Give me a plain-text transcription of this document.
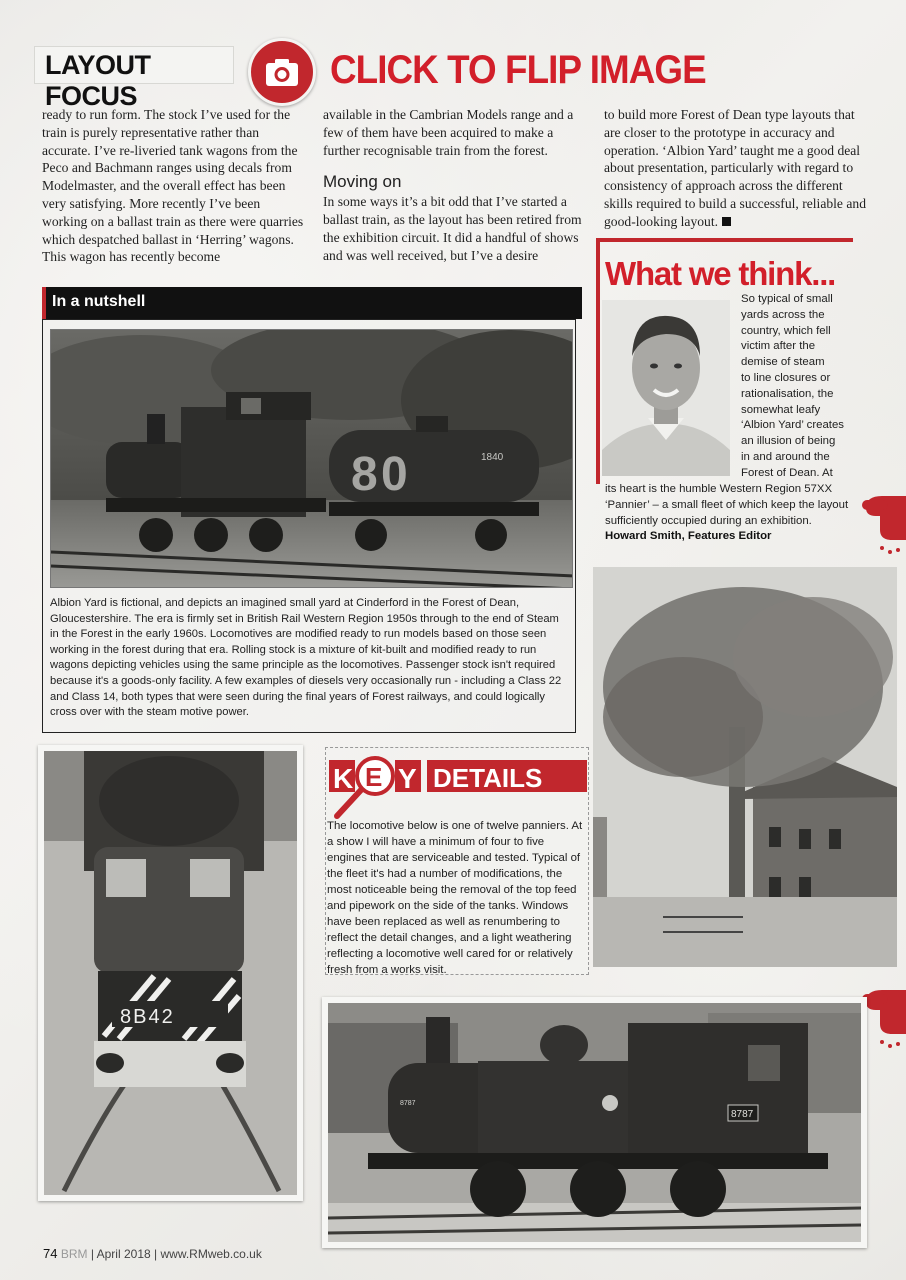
LAYOUT FOCUS
CLICK TO FLIP IMAGE

ready to run form. The stock I’ve used for the train is purely representative rather than accurate. I’ve re-liveried tank wagons from the Peco and Bachmann ranges using decals from Modelmaster, and the overall effect has been very satisfying. More recently I’ve been working on a ballast train as there were quarries which despatched ballast in ‘Herring’ wagons. This wagon has recently become

available in the Cambrian Models range and a few of them have been acquired to make a further recognisable train from the forest.

Moving on

In some ways it’s a bit odd that I’ve started a ballast train, as the layout has been retired from the exhibition circuit. It did a handful of shows and was well received, but I’ve a desire

to build more Forest of Dean type layouts that are closer to the prototype in accuracy and operation. ‘Albion Yard’ taught me a good deal about presentation, particularly with regard to consistency of approach across the different skills required to build a successful, reliable and good-looking layout.

In a nutshell
8 0	1840
Albion Yard is fictional, and depicts an imagined small yard at Cinderford in the Forest of Dean, Gloucestershire. The era is firmly set in British Rail Western Region 1950s through to the end of Steam in the Forest in the early 1960s. Locomotives are modified ready to run models based on those seen working in the forest during that era. Rolling stock is a mixture of kit-built and modified ready to run wagons depicting vehicles using the same principle as the locomotives. Passenger stock isn't required because it's a goods-only facility. A few examples of diesels very occasionally run - including a Class 22 and Class 14, both types that were seen during the final years of Forest railways, and could logically cross over with the steam motive power.
What we think...
So typical of small
yards across the
country, which fell
victim after the
demise of steam
to line closures or
rationalisation, the
somewhat leafy
‘Albion Yard’ creates
an illusion of being
in and around the
Forest of Dean. At
its heart is the humble Western Region 57XX
‘Pannier’ – a small fleet of which keep the layout
sufficiently occupied during an exhibition.
Howard Smith, Features Editor
8B42
K E Y DETAILS
The locomotive below is one of twelve panniers. At a show I will have a minimum of four to five engines that are serviceable and tested. Typical of the fleet it's had a number of modifications, the most noticeable being the removal of the top feed and pipework on the side of the tanks. Windows have been replaced as well as renumbering to reflect the detail changes, and a light weathering reflecting a locomotive well cared for or relatively fresh from a works visit.
8787
8787
74 BRM | April 2018 | www.RMweb.co.uk
